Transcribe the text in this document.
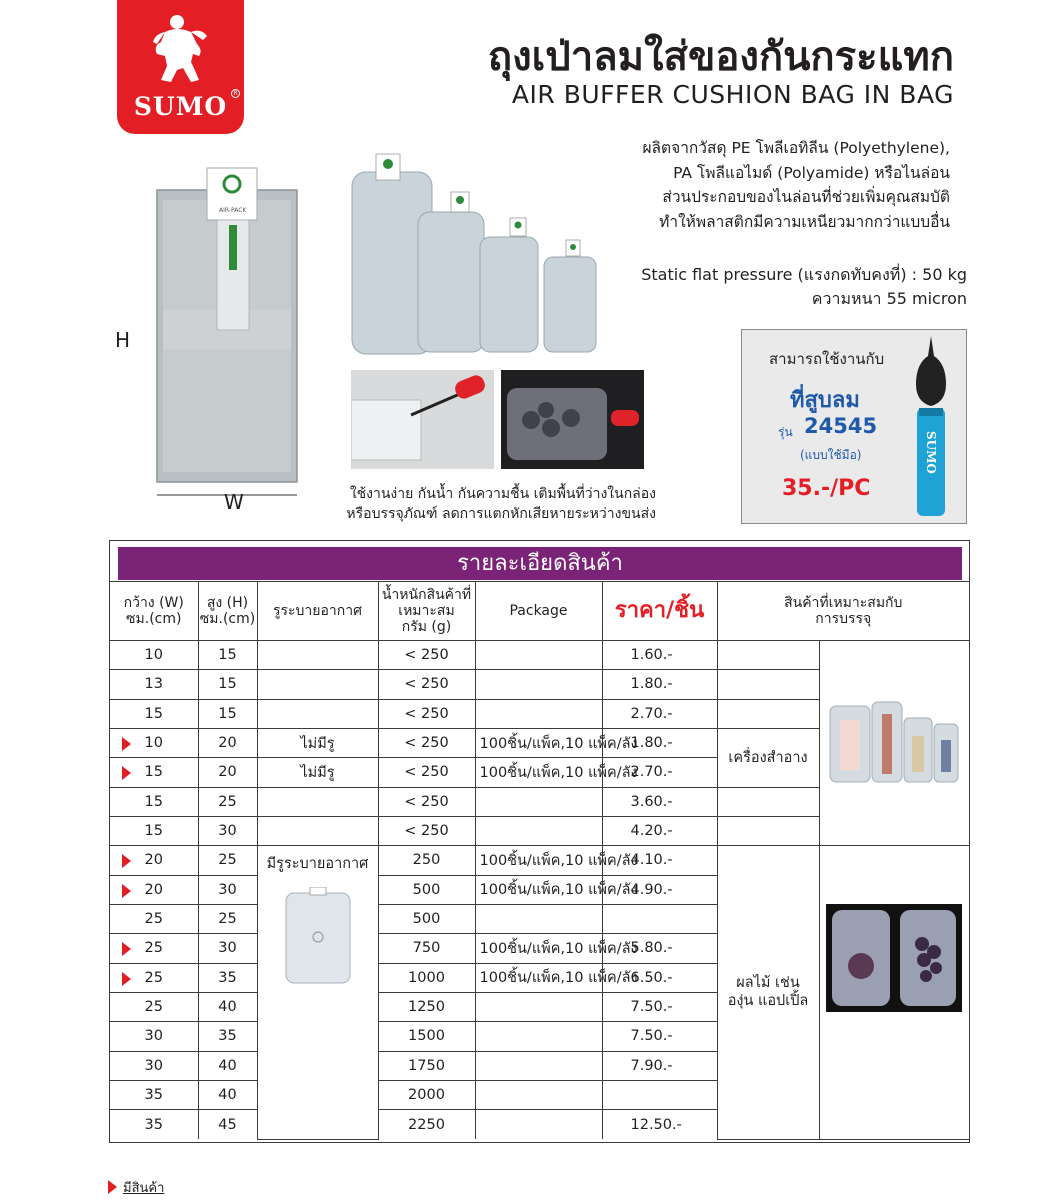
SUMO	R
ถุงเป่าลมใส่ของกันกระแทก
AIR BUFFER CUSHION BAG IN BAG
ผลิตจากวัสดุ PE โพลีเอทิลีน (Polyethylene),
PA โพลีแอไมด์ (Polyamide) หรือไนล่อน
ส่วนประกอบของไนล่อนที่ช่วยเพิ่มคุณสมบัติ
ทำให้พลาสติกมีความเหนียวมากกว่าแบบอื่น
Static flat pressure (แรงกดทับคงที่) : 50 kg
ความหนา 55 micron
AIR-PACK
H
W	ใช้งานง่าย กันน้ำ กันความชื้น เติมพื้นที่ว่างในกล่อง
หรือบรรจุภัณฑ์ ลดการแตกหักเสียหายระหว่างขนส่ง
สามารถใช้งานกับ
ที่สูบลม
รุ่น 24545
(แบบใช้มือ)
35.-/PC
SUMO
รายละเอียดสินค้า
กว้าง (W)
ซม.(cm)	สูง (H)
ซม.(cm)	รูระบายอากาศ	น้ำหนักสินค้าที่
เหมาะสม
กรัม (g)	Package	ราคา/ชิ้น	สินค้าที่เหมาะสมกับ
การบรรจุ	
10	15		< 250		1.60.-		
13	15		< 250		1.80.-		
15	15		< 250		2.70.-		

10	20	ไม่มีรู	< 250	100ชิ้น/แพ็ค,10 แพ็ค/ลัง	1.80.-	เครื่องสำอาง	

15	20	ไม่มีรู	< 250	100ชิ้น/แพ็ค,10 แพ็ค/ลัง	2.70.-		
15	25		< 250		3.60.-		
15	30		< 250		4.20.-		

20	25	มีรูระบายอากาศ	250	100ชิ้น/แพ็ค,10 แพ็ค/ลัง	4.10.-	ผลไม้ เช่น
องุ่น แอปเปิ้ล	

20	30		500	100ชิ้น/แพ็ค,10 แพ็ค/ลัง	4.90.-		
25	25		500				

25	30		750	100ชิ้น/แพ็ค,10 แพ็ค/ลัง	5.80.-		

25	35		1000	100ชิ้น/แพ็ค,10 แพ็ค/ลัง	6.50.-		
25	40		1250		7.50.-		
30	35		1500		7.50.-		
30	40		1750		7.90.-		
35	40		2000				
35	45		2250		12.50.-		
มีสินค้า
